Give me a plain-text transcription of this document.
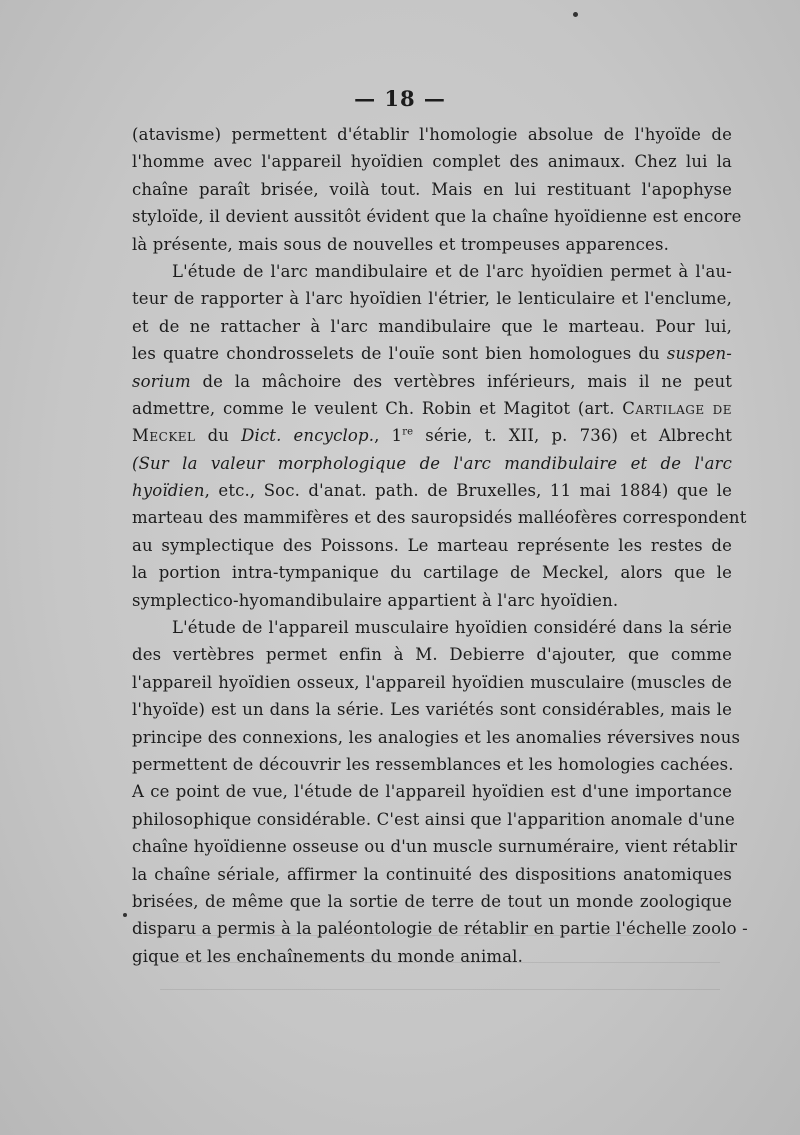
— 18 —
(atavisme) permettent d'établir l'homologie absolue de l'hyoïde de
l'homme avec l'appareil hyoïdien complet des animaux. Chez lui la
chaîne paraît brisée, voilà tout. Mais en lui restituant l'apophyse
styloïde, il devient aussitôt évident que la chaîne hyoïdienne est encore
là présente, mais sous de nouvelles et trompeuses apparences.
L'étude de l'arc mandibulaire et de l'arc hyoïdien permet à l'au-
teur de rapporter à l'arc hyoïdien l'étrier, le lenticulaire et l'enclume,
et de ne rattacher à l'arc mandibulaire que le marteau. Pour lui,
les quatre chondrosselets de l'ouïe sont bien homologues du suspen-
sorium de la mâchoire des vertèbres inférieurs, mais il ne peut
admettre, comme le veulent Ch. Robin et Magitot (art. Cartilage de
Meckel du Dict. encyclop., 1re série, t. XII, p. 736) et Albrecht
(Sur la valeur morphologique de l'arc mandibulaire et de l'arc
hyoïdien, etc., Soc. d'anat. path. de Bruxelles, 11 mai 1884) que le
marteau des mammifères et des sauropsidés malléofères correspondent
au symplectique des Poissons. Le marteau représente les restes de
la portion intra-tympanique du cartilage de Meckel, alors que le
symplectico-hyomandibulaire appartient à l'arc hyoïdien.
L'étude de l'appareil musculaire hyoïdien considéré dans la série
des vertèbres permet enfin à M. Debierre d'ajouter, que comme
l'appareil hyoïdien osseux, l'appareil hyoïdien musculaire (muscles de
l'hyoïde) est un dans la série. Les variétés sont considérables, mais le
principe des connexions, les analogies et les anomalies réversives nous
permettent de découvrir les ressemblances et les homologies cachées.
A ce point de vue, l'étude de l'appareil hyoïdien est d'une importance
philosophique considérable. C'est ainsi que l'apparition anomale d'une
chaîne hyoïdienne osseuse ou d'un muscle surnuméraire, vient rétablir
la chaîne sériale, affirmer la continuité des dispositions anatomiques
brisées, de même que la sortie de terre de tout un monde zoologique
disparu a permis à la paléontologie de rétablir en partie l'échelle zoolo -
gique et les enchaînements du monde animal.
